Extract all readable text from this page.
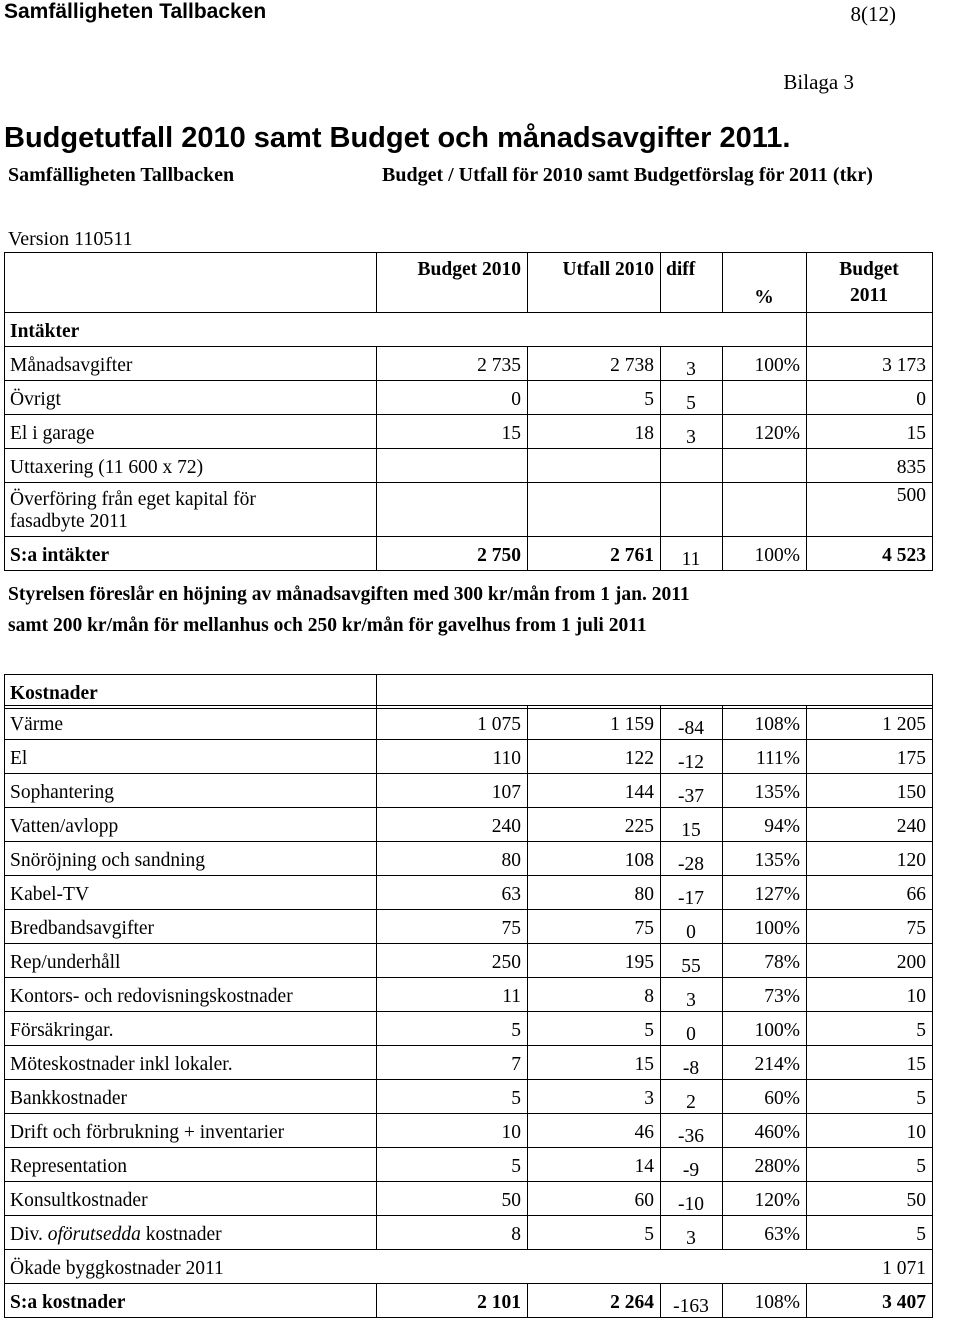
Samfälligheten Tallbacken	8(12)
Bilaga 3
Budgetutfall 2010 samt Budget och månadsavgifter 2011.
Samfälligheten Tallbacken	Budget / Utfall för 2010 samt Budgetförslag för 2011 (tkr)
Version 110511
	Budget 2010	Utfall 2010	diff	%	Budget
2011
Intäkter					
Månadsavgifter	2 735	2 738	3	100%	3 173
Övrigt	0	5	5		0
El i garage	15	18	3	120%	15
Uttaxering (11 600 x 72)					835
Överföring från eget kapital för
fasadbyte 2011					500
S:a intäkter	2 750	2 761	11	100%	4 523
Styrelsen föreslår en höjning av månadsavgiften med 300 kr/mån from 1 jan. 2011
samt 200 kr/mån för mellanhus och 250 kr/mån för gavelhus from 1 juli 2011
Kostnader					
Värme	1 075	1 159	-84	108%	1 205
El	110	122	-12	111%	175
Sophantering	107	144	-37	135%	150
Vatten/avlopp	240	225	15	94%	240
Snöröjning och sandning	80	108	-28	135%	120
Kabel-TV	63	80	-17	127%	66
Bredbandsavgifter	75	75	0	100%	75
Rep/underhåll	250	195	55	78%	200
Kontors- och redovisningskostnader	11	8	3	73%	10
Försäkringar.	5	5	0	100%	5
Möteskostnader inkl lokaler.	7	15	-8	214%	15
Bankkostnader	5	3	2	60%	5
Drift och förbrukning + inventarier	10	46	-36	460%	10
Representation	5	14	-9	280%	5
Konsultkostnader	50	60	-10	120%	50
Div. oförutsedda kostnader	8	5	3	63%	5
Ökade byggkostnader 2011					1 071
S:a kostnader	2 101	2 264	-163	108%	3 407
